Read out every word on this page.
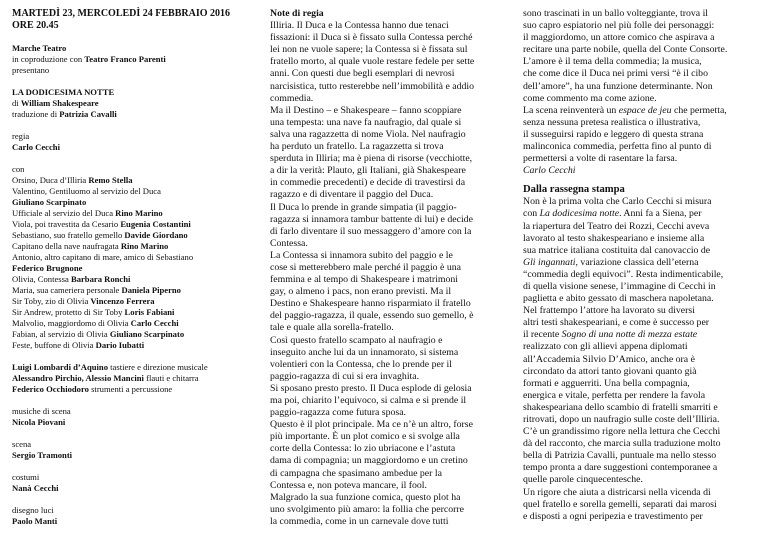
MARTEDÌ 23, MERCOLEDÌ 24 FEBBRAIO 2016
ORE 20.45
Marche Teatro
in coproduzione con Teatro Franco Parenti
presentano
LA DODICESIMA NOTTE
di William Shakespeare
traduzione di Patrizia Cavalli
regia
Carlo Cecchi
con
Orsino, Duca d’Illiria Remo Stella
Valentino, Gentiluomo al servizio del Duca
Giuliano Scarpinato
Ufficiale al servizio del Duca Rino Marino
Viola, poi travestita da Cesario Eugenia Costantini
Sebastiano, suo fratello gemello Davide Giordano
Capitano della nave naufragata Rino Marino
Antonio, altro capitano di mare, amico di Sebastiano
Federico Brugnone
Olivia, Contessa Barbara Ronchi
Maria, sua cameriera personale Daniela Piperno
Sir Toby, zio di Olivia Vincenzo Ferrera
Sir Andrew, protetto di Sir Toby Loris Fabiani
Malvolio, maggiordomo di Olivia Carlo Cecchi
Fabian, al servizio di Olivia Giuliano Scarpinato
Feste, buffone di Olivia Dario Iubatti
Luigi Lombardi d’Aquino tastiere e direzione musicale
Alessandro Pirchio, Alessio Mancini flauti e chitarra
Federico Occhiodoro strumenti a percussione
musiche di scena
Nicola Piovani
scena
Sergio Tramonti
costumi
Nanà Cecchi
disegno luci
Paolo Manti
Note di regia
Illiria. Il Duca e la Contessa hanno due tenaci
fissazioni: il Duca si è fissato sulla Contessa perché
lei non ne vuole sapere; la Contessa si è fissata sul
fratello morto, al quale vuole restare fedele per sette
anni. Con questi due begli esemplari di nevrosi
narcisistica, tutto resterebbe nell’immobilità e addio
commedia.
Ma il Destino – e Shakespeare – fanno scoppiare
una tempesta: una nave fa naufragio, dal quale si
salva una ragazzetta di nome Viola. Nel naufragio
ha perduto un fratello. La ragazzetta si trova
sperduta in Illiria; ma è piena di risorse (vecchiotte,
a dir la verità: Plauto, gli Italiani, già Shakespeare
in commedie precedenti) e decide di travestirsi da
ragazzo e di diventare il paggio del Duca.
Il Duca lo prende in grande simpatia (il paggio-
ragazza si innamora tambur battente di lui) e decide
di farlo diventare il suo messaggero d’amore con la
Contessa.
La Contessa si innamora subito del paggio e le
cose si metterebbero male perché il paggio è una
femmina e al tempo di Shakespeare i matrimoni
gay, o almeno i pacs, non erano previsti. Ma il
Destino e Shakespeare hanno risparmiato il fratello
del paggio-ragazza, il quale, essendo suo gemello, è
tale e quale alla sorella-fratello.
Così questo fratello scampato al naufragio e
inseguito anche lui da un innamorato, si sistema
volentieri con la Contessa, che lo prende per il
paggio-ragazza di cui si era invaghita.
Si sposano presto presto. Il Duca esplode di gelosia
ma poi, chiarito l’equivoco, si calma e si prende il
paggio-ragazza come futura sposa.
Questo è il plot principale. Ma ce n’è un altro, forse
più importante. È un plot comico e si svolge alla
corte della Contessa: lo zio ubriacone e l’astuta
dama di compagnia; un maggiordomo e un cretino
di campagna che spasimano ambedue per la
Contessa e, non poteva mancare, il fool.
Malgrado la sua funzione comica, questo plot ha
uno svolgimento più amaro: la follia che percorre
la commedia, come in un carnevale dove tutti
sono trascinati in un ballo volteggiante, trova il
suo capro espiatorio nel più folle dei personaggi:
il maggiordomo, un attore comico che aspirava a
recitare una parte nobile, quella del Conte Consorte.
L’amore è il tema della commedia; la musica,
che come dice il Duca nei primi versi “è il cibo
dell’amore”, ha una funzione determinante. Non
come commento ma come azione.
La scena reinventerà un espace de jeu che permetta,
senza nessuna pretesa realistica o illustrativa,
il susseguirsi rapido e leggero di questa strana
malinconica commedia, perfetta fino al punto di
permettersi a volte di rasentare la farsa.
Carlo Cecchi
Dalla rassegna stampa
Non è la prima volta che Carlo Cecchi si misura
con La dodicesima notte. Anni fa a Siena, per
la riapertura del Teatro dei Rozzi, Cecchi aveva
lavorato al testo shakespeariano e insieme alla
sua matrice italiana costituita dal canovaccio de
Gli ingannati, variazione classica dell’eterna
“commedia degli equivoci”. Resta indimenticabile,
di quella visione senese, l’immagine di Cecchi in
paglietta e abito gessato di maschera napoletana.
Nel frattempo l’attore ha lavorato su diversi
altri testi shakespeariani, e come è successo per
il recente Sogno di una notte di mezza estate
realizzato con gli allievi appena diplomati
all’Accademia Silvio D’Amico, anche ora è
circondato da attori tanto giovani quanto già
formati e agguerriti. Una bella compagnia,
energica e vitale, perfetta per rendere la favola
shakespeariana dello scambio di fratelli smarriti e
ritrovati, dopo un naufragio sulle coste dell’Illiria.
C’è un grandissimo rigore nella lettura che Cecchi
dà del racconto, che marcia sulla traduzione molto
bella di Patrizia Cavalli, puntuale ma nello stesso
tempo pronta a dare suggestioni contemporanee a
quelle parole cinquecentesche.
Un rigore che aiuta a districarsi nella vicenda di
quel fratello e sorella gemelli, separati dai marosi
e disposti a ogni peripezia e travestimento per
